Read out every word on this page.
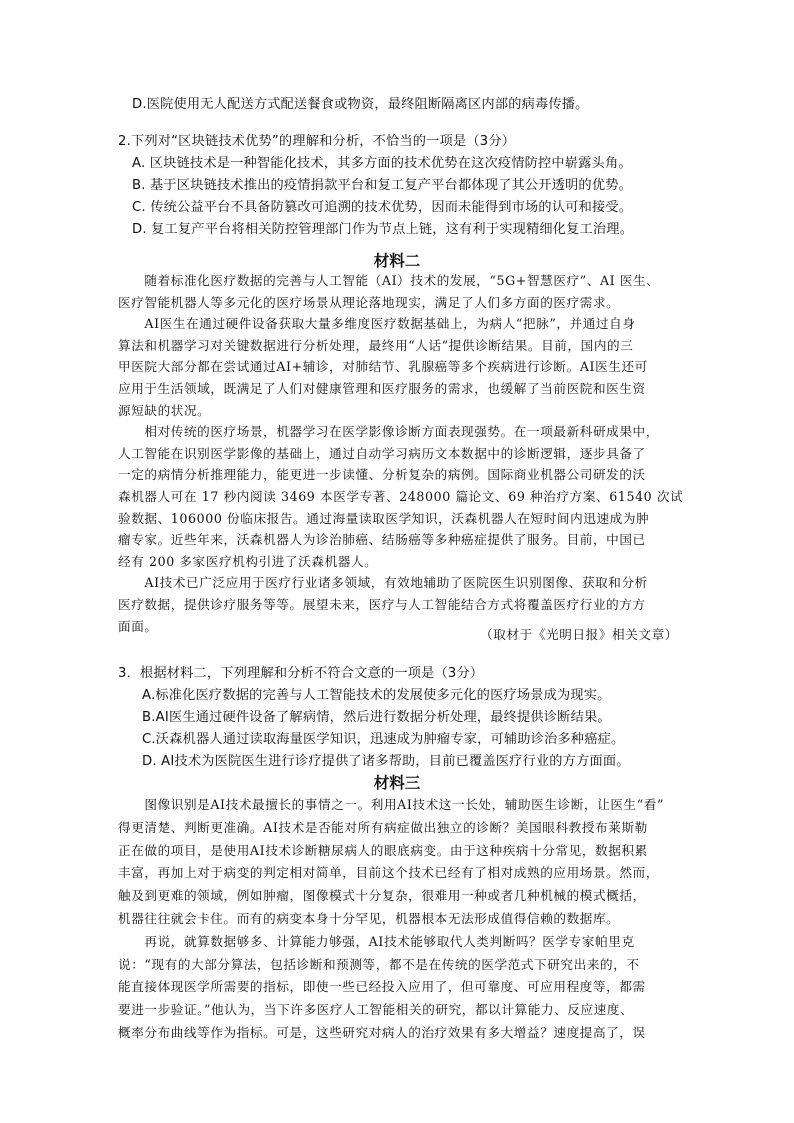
D.医院使用无人配送方式配送餐食或物资，最终阻断隔离区内部的病毒传播。
2.下列对“区块链技术优势”的理解和分析，不恰当的一项是（3分）
A. 区块链技术是一种智能化技术，其多方面的技术优势在这次疫情防控中崭露头角。
B. 基于区块链技术推出的疫情捐款平台和复工复产平台都体现了其公开透明的优势。
C. 传统公益平台不具备防篡改可追溯的技术优势，因而未能得到市场的认可和接受。
D. 复工复产平台将相关防控管理部门作为节点上链，这有利于实现精细化复工治理。
材料二
　　随着标准化医疗数据的完善与人工智能（AI）技术的发展，“5G+智慧医疗”、AI 医生、
医疗智能机器人等多元化的医疗场景从理论落地现实，满足了人们多方面的医疗需求。
　　AI医生在通过硬件设备获取大量多维度医疗数据基础上，为病人“把脉”，并通过自身
算法和机器学习对关键数据进行分析处理，最终用“人话”提供诊断结果。目前，国内的三
甲医院大部分都在尝试通过AI+辅诊，对肺结节、乳腺癌等多个疾病进行诊断。AI医生还可
应用于生活领域，既满足了人们对健康管理和医疗服务的需求，也缓解了当前医院和医生资
源短缺的状况。
　　相对传统的医疗场景，机器学习在医学影像诊断方面表现强势。在一项最新科研成果中，
人工智能在识别医学影像的基础上，通过自动学习病历文本数据中的诊断逻辑，逐步具备了
一定的病情分析推理能力，能更进一步读懂、分析复杂的病例。国际商业机器公司研发的沃
森机器人可在 17 秒内阅读 3469 本医学专著、248000 篇论文、69 种治疗方案、61540 次试
验数据、106000 份临床报告。通过海量读取医学知识，沃森机器人在短时间内迅速成为肿
瘤专家。近些年来，沃森机器人为诊治肺癌、结肠癌等多种癌症提供了服务。目前，中国已
经有 200 多家医疗机构引进了沃森机器人。
　　AI技术已广泛应用于医疗行业诸多领域，有效地辅助了医院医生识别图像、获取和分析
医疗数据，提供诊疗服务等等。展望未来，医疗与人工智能结合方式将覆盖医疗行业的方方
面面。
（取材于《光明日报》相关文章）
3．根据材料二，下列理解和分析不符合文意的一项是（3分）
A.标准化医疗数据的完善与人工智能技术的发展使多元化的医疗场景成为现实。
B.AI医生通过硬件设备了解病情，然后进行数据分析处理，最终提供诊断结果。
C.沃森机器人通过读取海量医学知识，迅速成为肿瘤专家，可辅助诊治多种癌症。
D. AI技术为医院医生进行诊疗提供了诸多帮助，目前已覆盖医疗行业的方方面面。
材料三
　　图像识别是AI技术最擅长的事情之一。利用AI技术这一长处，辅助医生诊断，让医生“看”
得更清楚、判断更准确。AI技术是否能对所有病症做出独立的诊断？美国眼科教授布莱斯勒
正在做的项目，是使用AI技术诊断糖尿病人的眼底病变。由于这种疾病十分常见，数据积累
丰富，再加上对于病变的判定相对简单，目前这个技术已经有了相对成熟的应用场景。然而，
触及到更难的领域，例如肿瘤，图像模式十分复杂，很难用一种或者几种机械的模式概括，
机器往往就会卡住。而有的病变本身十分罕见，机器根本无法形成值得信赖的数据库。
　　再说，就算数据够多、计算能力够强，AI技术能够取代人类判断吗？医学专家帕里克
说：“现有的大部分算法，包括诊断和预测等，都不是在传统的医学范式下研究出来的，不
能直接体现医学所需要的指标，即使一些已经投入应用了，但可靠度、可应用程度等，都需
要进一步验证。”他认为，当下许多医疗人工智能相关的研究，都以计算能力、反应速度、
概率分布曲线等作为指标。可是，这些研究对病人的治疗效果有多大增益？速度提高了，误
